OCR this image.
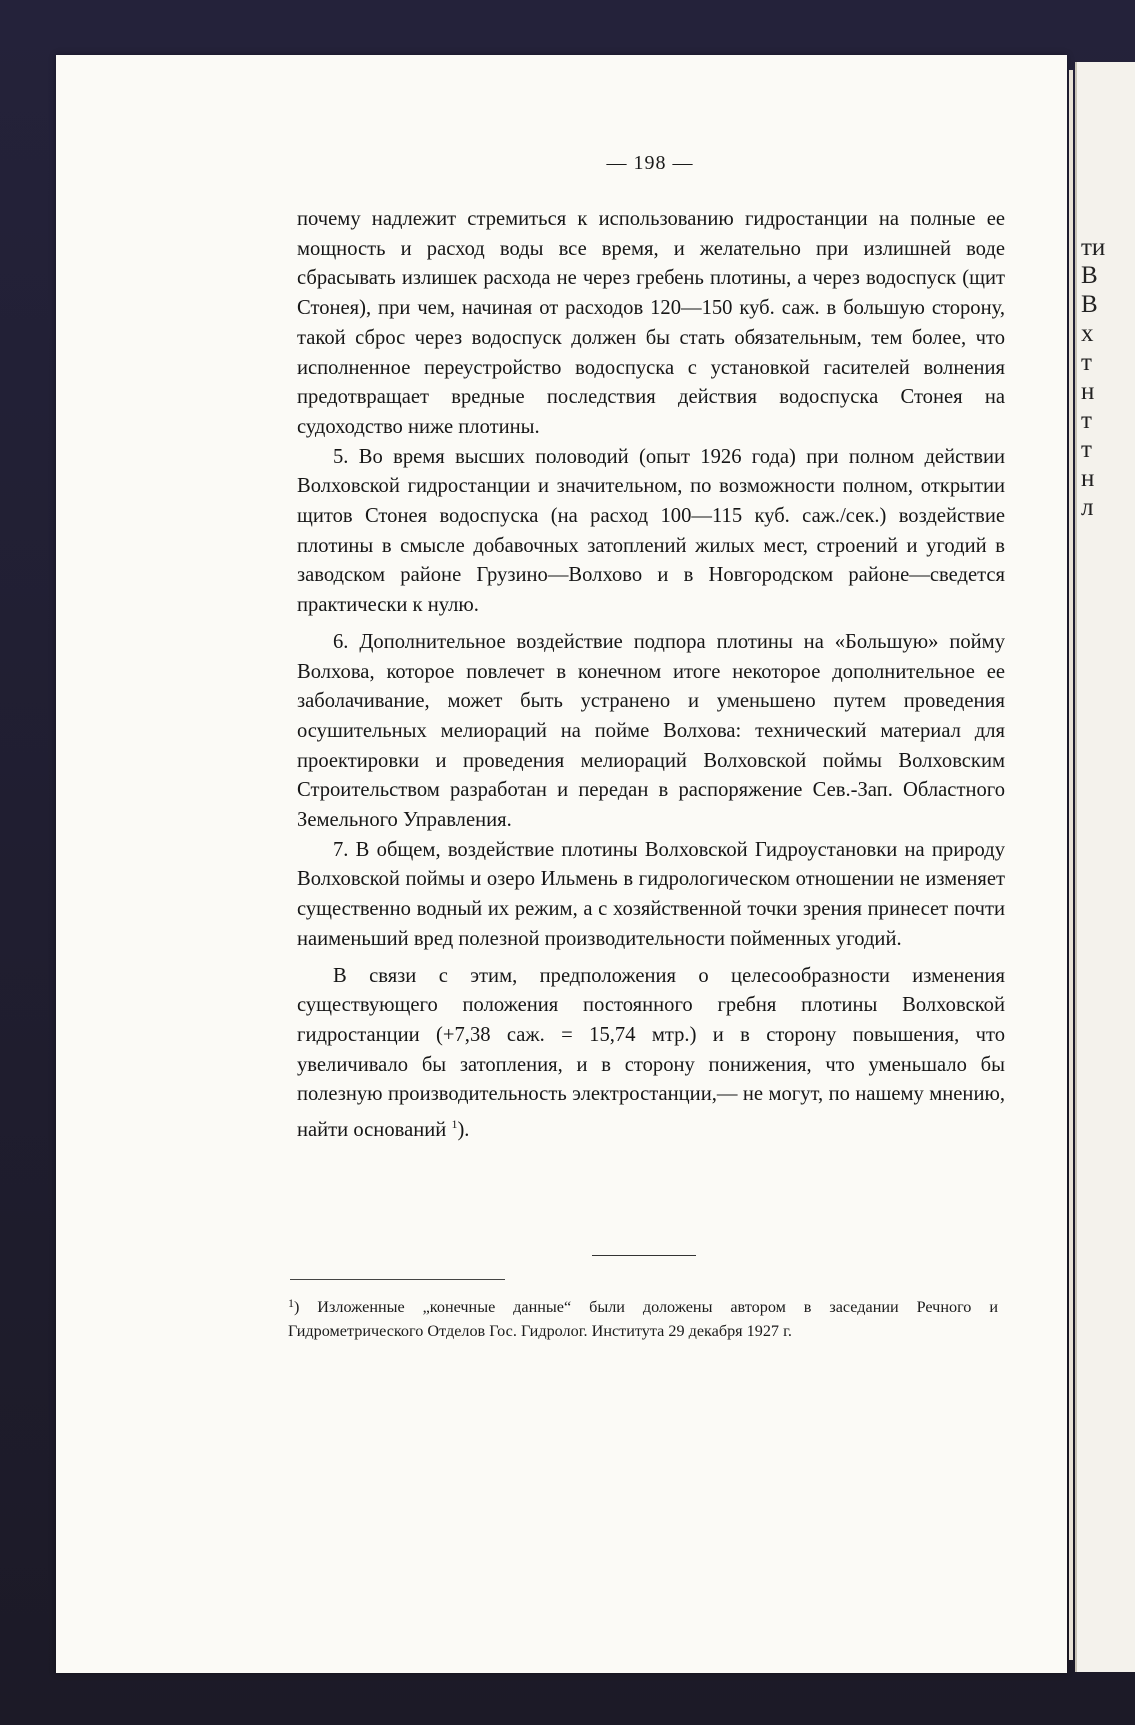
ти
В
В
х
т
н
т
т
н
л
— 198 —

почему надлежит стремиться к использованию гидростанции на полные ее мощность и расход воды все время, и желательно при излишней воде сбрасывать излишек расхода не через гребень плотины, а через водоспуск (щит Стонея), при чем, начиная от расходов 120—150 куб. саж. в большую сторону, такой сброс через водоспуск должен бы стать обязательным, тем более, что исполненное переустройство водоспуска с установкой гасителей волнения предотвращает вредные последствия действия водоспуска Стонея на судоходство ниже плотины.

5. Во время высших половодий (опыт 1926 года) при полном действии Волховской гидростанции и значительном, по возможности полном, открытии щитов Стонея водоспуска (на расход 100—115 куб. саж./сек.) воздействие плотины в смысле добавочных затоплений жилых мест, строений и угодий в заводском районе Грузино—Волхово и в Новгородском районе—сведется практически к нулю.

6. Дополнительное воздействие подпора плотины на «Большую» пойму Волхова, которое повлечет в конечном итоге некоторое дополнительное ее заболачивание, может быть устранено и уменьшено путем проведения осушительных мелиораций на пойме Волхова: технический материал для проектировки и проведения мелиораций Волховской поймы Волховским Строительством разработан и передан в распоряжение Сев.-Зап. Областного Земельного Управления.

7. В общем, воздействие плотины Волховской Гидроустановки на природу Волховской поймы и озеро Ильмень в гидрологическом отношении не изменяет существенно водный их режим, а с хозяйственной точки зрения принесет почти наименьший вред полезной производительности пойменных угодий.

В связи с этим, предположения о целесообразности изменения существующего положения постоянного гребня плотины Волховской гидростанции (+7,38 саж. = 15,74 мтр.) и в сторону повышения, что увеличивало бы затопления, и в сторону понижения, что уменьшало бы полезную производительность электростанции,— не могут, по нашему мнению, найти оснований $^1$).

$^1$) Изложенные „конечные данные“ были доложены автором в заседании Речного и Гидрометрического Отделов Гос. Гидролог. Института 29 декабря 1927 г.
